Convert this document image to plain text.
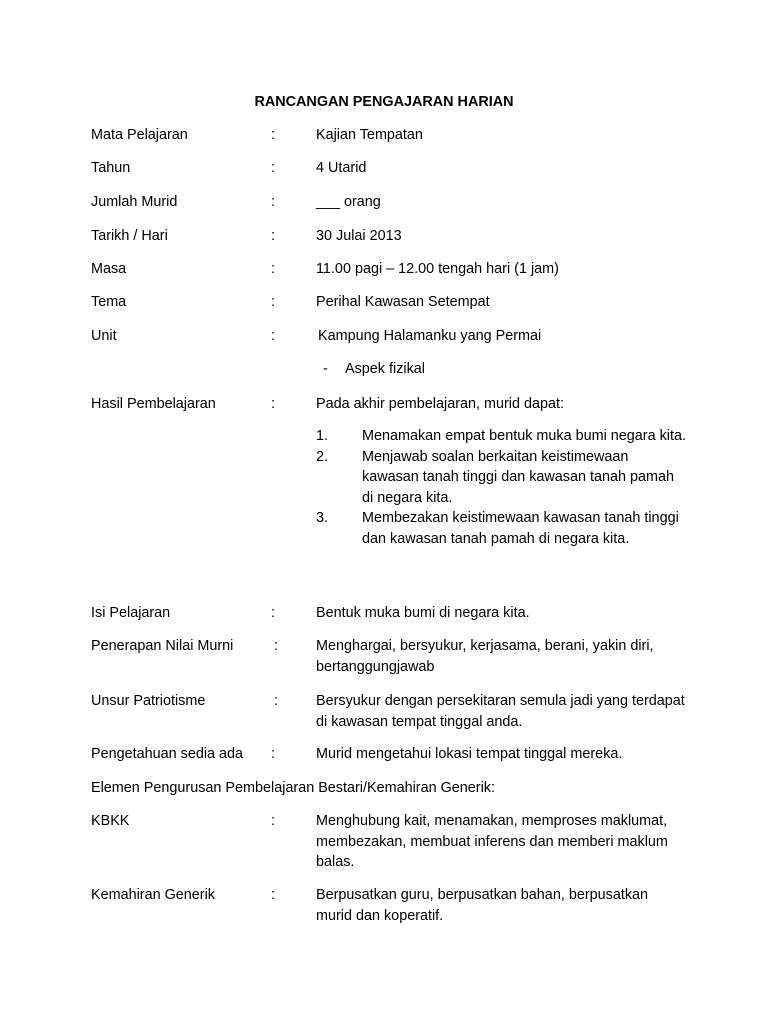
RANCANGAN PENGAJARAN HARIAN
Mata Pelajaran	:	Kajian Tempatan
Tahun	:	4 Utarid
Jumlah Murid	:	___ orang
Tarikh / Hari	:	30 Julai 2013
Masa	:	11.00 pagi – 12.00 tengah hari (1 jam)
Tema	:	Perihal Kawasan Setempat
Unit	:	Kampung Halamanku yang Permai
- Aspek fizikal
Hasil Pembelajaran	:	Pada akhir pembelajaran, murid dapat:
1. Menamakan empat bentuk muka bumi negara kita.
2. Menjawab soalan berkaitan keistimewaan kawasan tanah tinggi dan kawasan tanah pamah di negara kita.
3. Membezakan keistimewaan kawasan tanah tinggi dan kawasan tanah pamah di negara kita.
Isi Pelajaran	:	Bentuk muka bumi di negara kita.
Penerapan Nilai Murni	:	Menghargai, bersyukur, kerjasama, berani, yakin diri, bertanggungjawab
Unsur Patriotisme	:	Bersyukur dengan persekitaran semula jadi yang terdapat di kawasan tempat tinggal anda.
Pengetahuan sedia ada :	Murid mengetahui lokasi tempat tinggal mereka.
Elemen Pengurusan Pembelajaran Bestari/Kemahiran Generik:
KBKK	:	Menghubung kait, menamakan, memproses maklumat, membezakan, membuat inferens dan memberi maklum balas.
Kemahiran Generik	:	Berpusatkan guru, berpusatkan bahan, berpusatkan murid dan koperatif.
